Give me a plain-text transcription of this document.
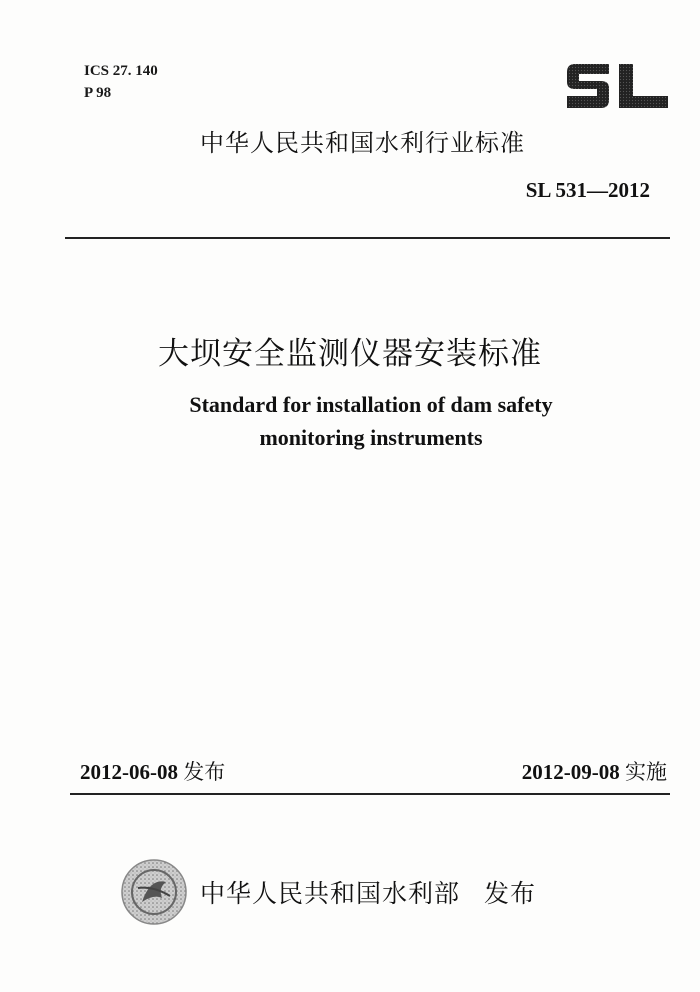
ICS 27. 140
P 98
中华人民共和国水利行业标准
SL 531—2012
大坝安全监测仪器安装标准
Standard for installation of dam safety
monitoring instruments
2012-06-08 发布	2012-09-08 实施
中华人民共和国水利部 发布
